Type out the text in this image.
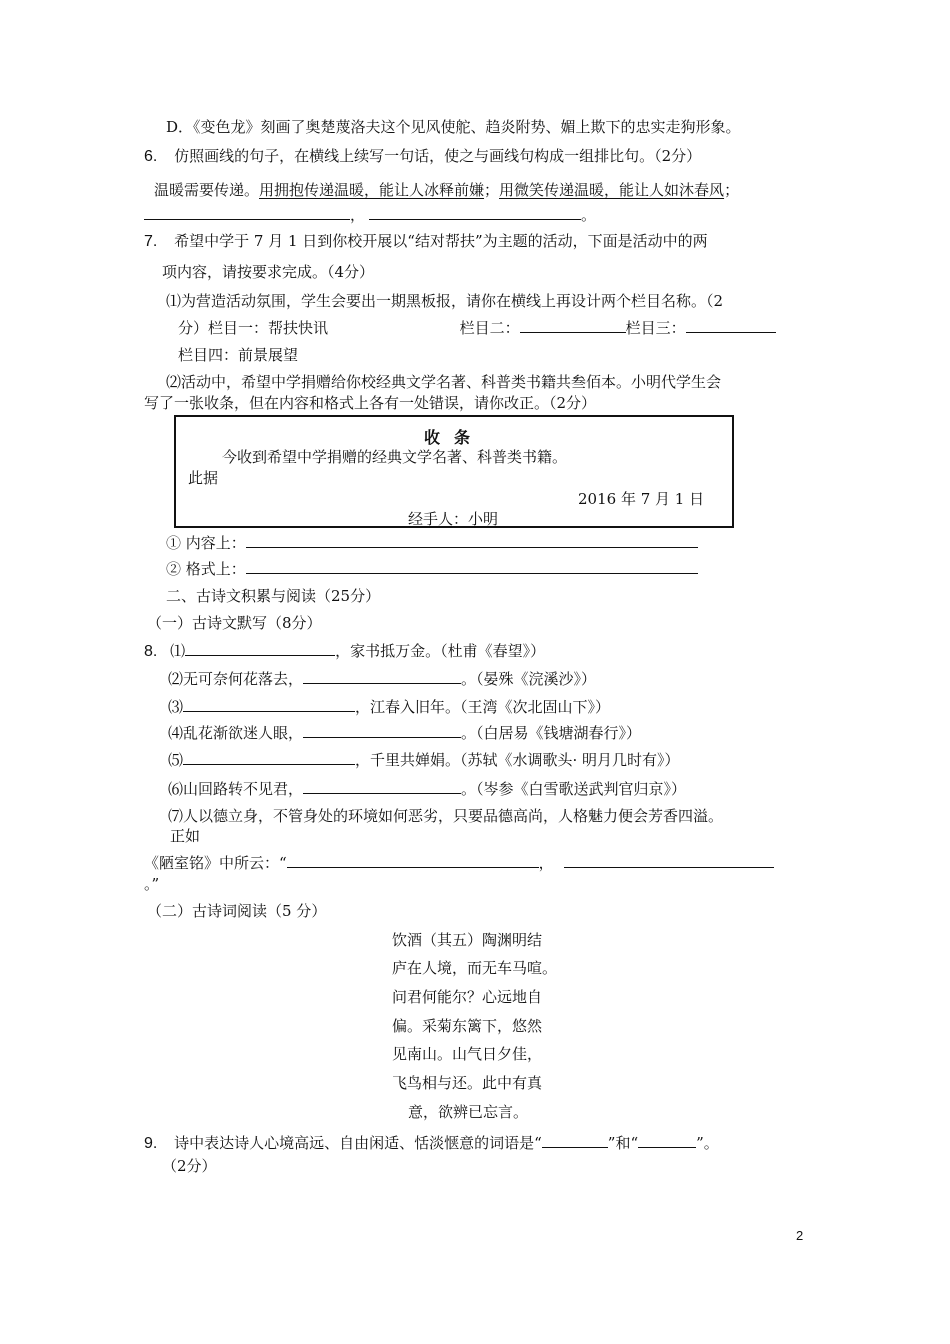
D．《变色龙》刻画了奥楚蔑洛夫这个见风使舵、趋炎附势、媚上欺下的忠实走狗形象。
6. 仿照画线的句子，在横线上续写一句话，使之与画线句构成一组排比句。（2分）
温暖需要传递。用拥抱传递温暖，能让人冰释前嫌；用微笑传递温暖，能让人如沐春风；
，	。
7. 希望中学于 7 月 1 日到你校开展以“结对帮扶”为主题的活动，下面是活动中的两
项内容，请按要求完成。（4分）
⑴为营造活动氛围，学生会要出一期黑板报，请你在横线上再设计两个栏目名称。（2
分）栏目一：帮扶快讯	栏目二：	栏目三：
栏目四：前景展望
⑵活动中，希望中学捐赠给你校经典文学名著、科普类书籍共叁佰本。小明代学生会
写了一张收条，但在内容和格式上各有一处错误，请你改正。（2分）
收条
今收到希望中学捐赠的经典文学名著、科普类书籍。
此据
2016 年 7 月 1 日
经手人：小明
① 内容上：
② 格式上：
二、古诗文积累与阅读（25分）
（一）古诗文默写（8分）
8. ⑴	，家书抵万金。（杜甫《春望》）
⑵无可奈何花落去，	。（晏殊《浣溪沙》）
⑶	，江春入旧年。（王湾《次北固山下》）
⑷乱花渐欲迷人眼，	。（白居易《钱塘湖春行》）
⑸	，千里共婵娟。（苏轼《水调歌头· 明月几时有》）
⑹山回路转不见君，	。（岑参《白雪歌送武判官归京》）
⑺人以德立身，不管身处的环境如何恶劣，只要品德高尚，人格魅力便会芳香四溢。
正如
《陋室铭》中所云：“	，
。”
（二）古诗词阅读（5 分）
饮酒（其五）陶渊明结
庐在人境，而无车马喧。
问君何能尔？心远地自
偏。采菊东篱下，悠然
见南山。山气日夕佳，
飞鸟相与还。此中有真
意，欲辨已忘言。
9. 诗中表达诗人心境高远、自由闲适、恬淡惬意的词语是“	”和“	”。
（2分）
2
